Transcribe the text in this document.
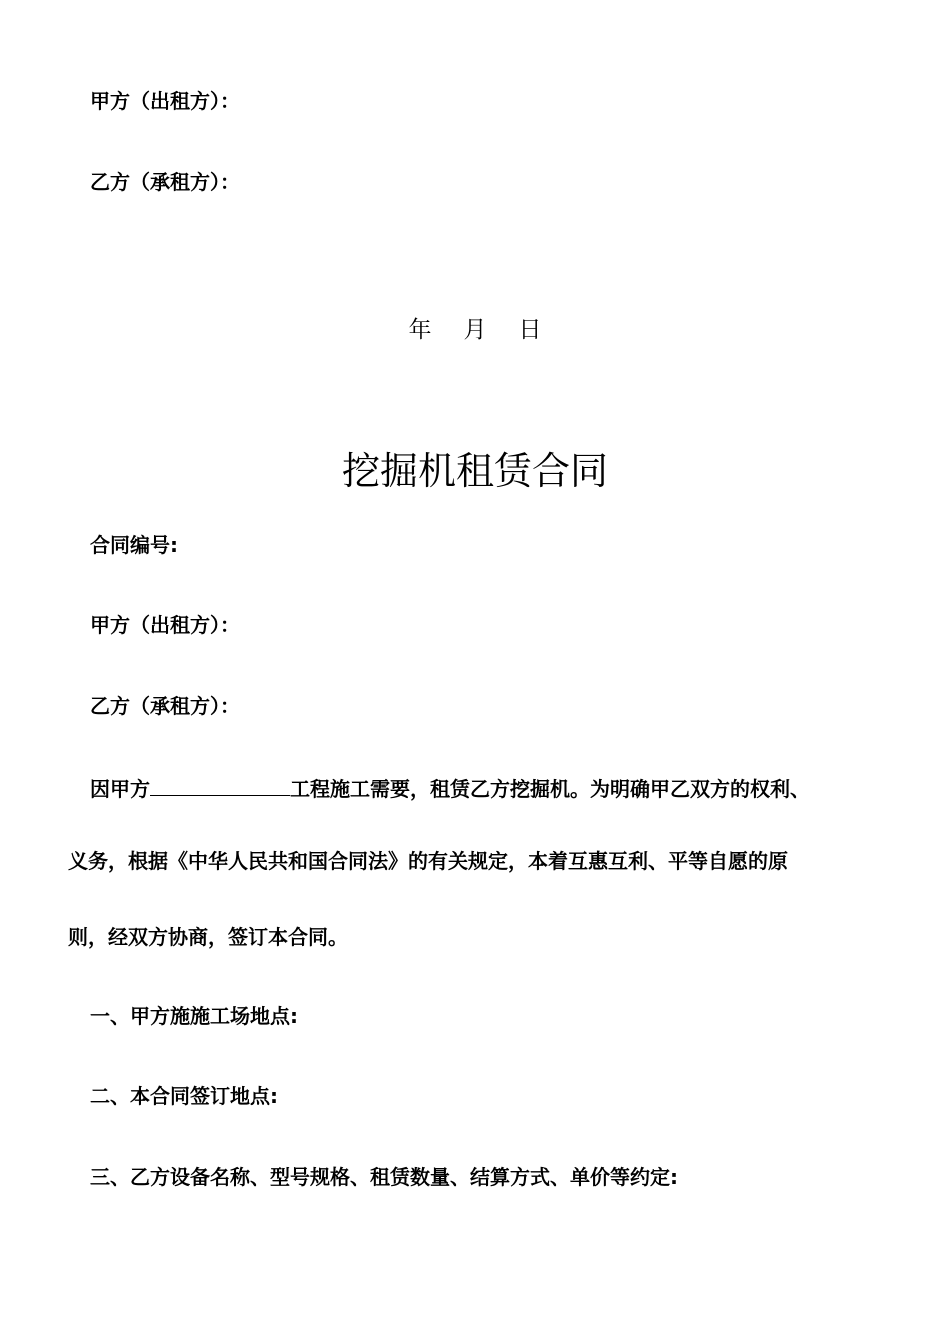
甲方（出租方）：
乙方（承租方）：
年 月 日
挖掘机租赁合同
合同编号:
甲方（出租方）：
乙方（承租方）：
因甲方	工程施工需要，租赁乙方挖掘机。为明确甲乙双方的权利、
义务，根据《中华人民共和国合同法》的有关规定，本着互惠互利、平等自愿的原
则，经双方协商，签订本合同。
一、甲方施施工场地点:
二、本合同签订地点:
三、乙方设备名称、型号规格、租赁数量、结算方式、单价等约定:
